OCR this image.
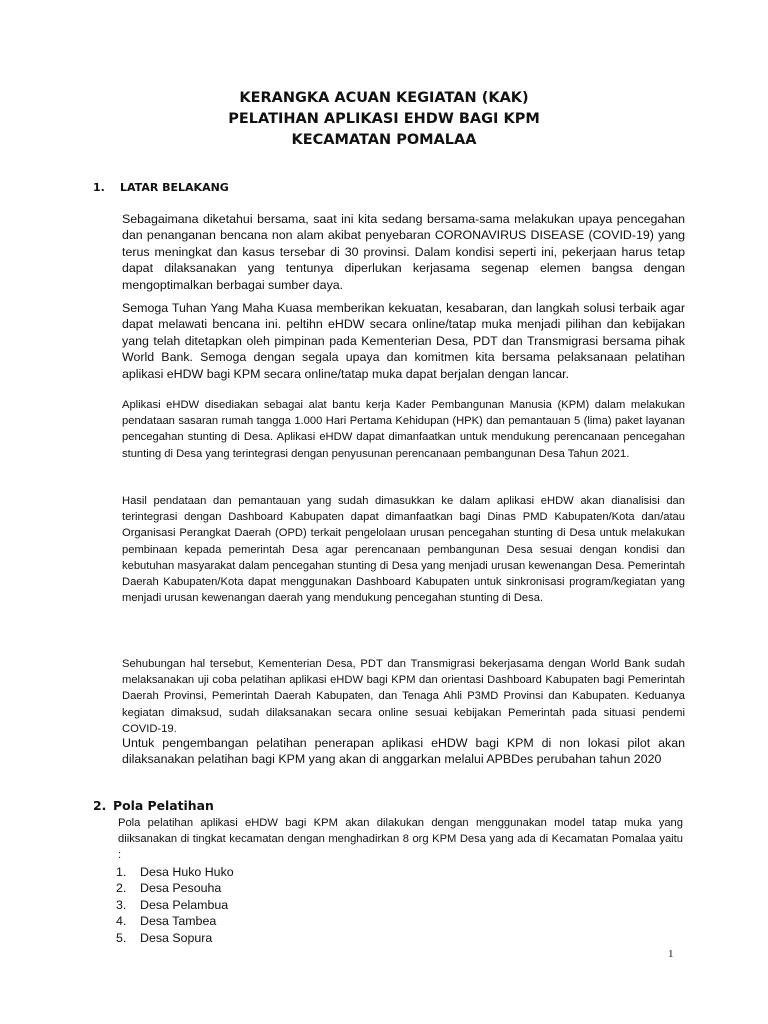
KERANGKA ACUAN KEGIATAN (KAK)
PELATIHAN APLIKASI EHDW BAGI KPM
KECAMATAN POMALAA
1. LATAR BELAKANG
Sebagaimana diketahui bersama, saat ini kita sedang bersama-sama melakukan upaya pencegahan dan penanganan bencana non alam akibat penyebaran CORONAVIRUS DISEASE (COVID-19) yang terus meningkat dan kasus tersebar di 30 provinsi. Dalam kondisi seperti ini, pekerjaan harus tetap dapat dilaksanakan yang tentunya diperlukan kerjasama segenap elemen bangsa dengan mengoptimalkan berbagai sumber daya.
Semoga Tuhan Yang Maha Kuasa memberikan kekuatan, kesabaran, dan langkah solusi terbaik agar dapat melawati bencana ini. peltihn eHDW secara online/tatap muka menjadi pilihan dan kebijakan yang telah ditetapkan oleh pimpinan pada Kementerian Desa, PDT dan Transmigrasi bersama pihak World Bank. Semoga dengan segala upaya dan komitmen kita bersama pelaksanaan pelatihan aplikasi eHDW bagi KPM secara online/tatap muka dapat berjalan dengan lancar.
Aplikasi eHDW disediakan sebagai alat bantu kerja Kader Pembangunan Manusia (KPM) dalam melakukan pendataan sasaran rumah tangga 1.000 Hari Pertama Kehidupan (HPK) dan pemantauan 5 (lima) paket layanan pencegahan stunting di Desa. Aplikasi eHDW dapat dimanfaatkan untuk mendukung perencanaan pencegahan stunting di Desa yang terintegrasi dengan penyusunan perencanaan pembangunan Desa Tahun 2021.
Hasil pendataan dan pemantauan yang sudah dimasukkan ke dalam aplikasi eHDW akan dianalisisi dan terintegrasi dengan Dashboard Kabupaten dapat dimanfaatkan bagi Dinas PMD Kabupaten/Kota dan/atau Organisasi Perangkat Daerah (OPD) terkait pengelolaan urusan pencegahan stunting di Desa untuk melakukan pembinaan kepada pemerintah Desa agar perencanaan pembangunan Desa sesuai dengan kondisi dan kebutuhan masyarakat dalam pencegahan stunting di Desa yang menjadi urusan kewenangan Desa. Pemerintah Daerah Kabupaten/Kota dapat menggunakan Dashboard Kabupaten untuk sinkronisasi program/kegiatan yang menjadi urusan kewenangan daerah yang mendukung pencegahan stunting di Desa.
Sehubungan hal tersebut, Kementerian Desa, PDT dan Transmigrasi bekerjasama dengan World Bank sudah melaksanakan uji coba pelatihan aplikasi eHDW bagi KPM dan orientasi Dashboard Kabupaten bagi Pemerintah Daerah Provinsi, Pemerintah Daerah Kabupaten, dan Tenaga Ahli P3MD Provinsi dan Kabupaten. Keduanya kegiatan dimaksud, sudah dilaksanakan secara online sesuai kebijakan Pemerintah pada situasi pendemi COVID-19.
Untuk pengembangan pelatihan penerapan aplikasi eHDW bagi KPM di non lokasi pilot akan dilaksanakan pelatihan bagi KPM yang akan di anggarkan melalui APBDes perubahan tahun 2020
2. Pola Pelatihan
Pola pelatihan aplikasi eHDW bagi KPM akan dilakukan dengan menggunakan model tatap muka yang diiksanakan di tingkat kecamatan dengan menghadirkan 8 org KPM Desa yang ada di Kecamatan Pomalaa yaitu :
1.	Desa Huko Huko
2.	Desa Pesouha
3.	Desa Pelambua
4.	Desa Tambea
5.	Desa Sopura
1
